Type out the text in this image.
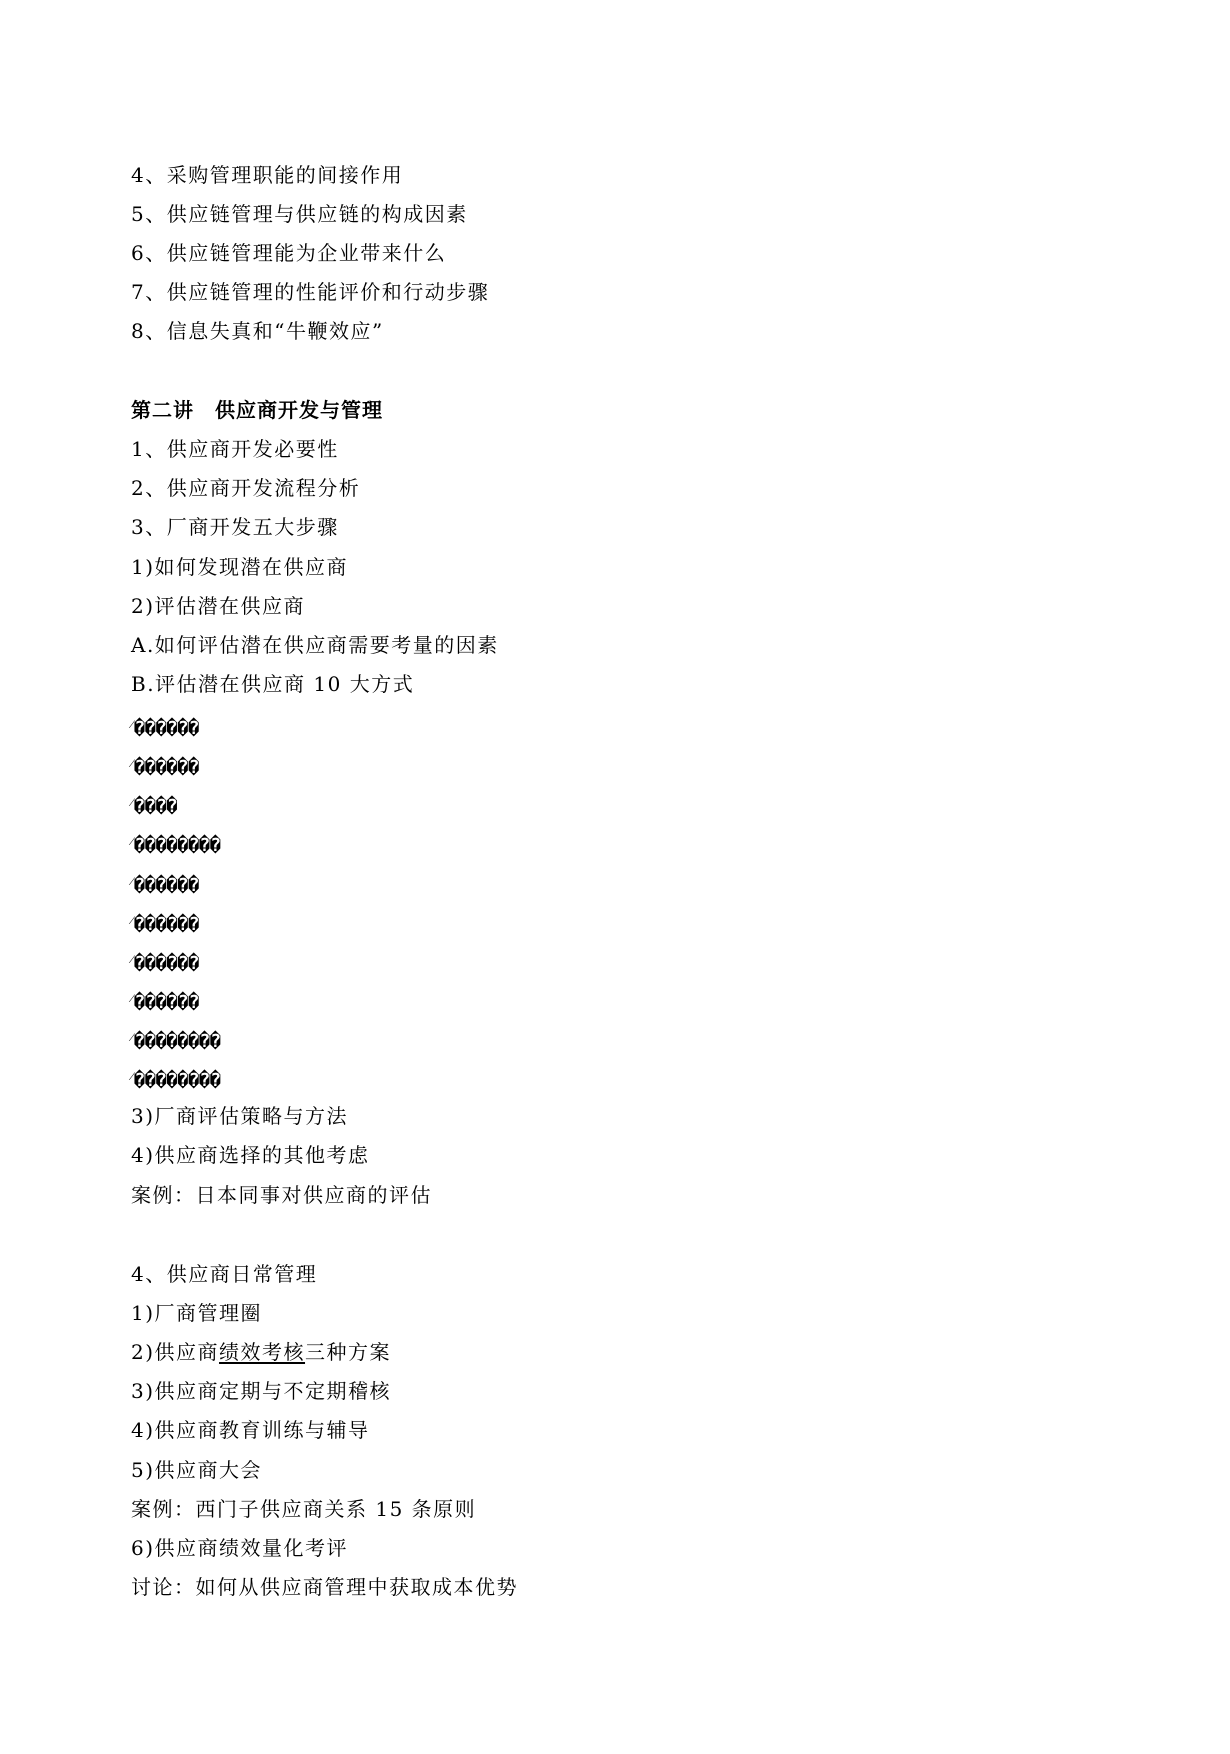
4、采购管理职能的间接作用
5、供应链管理与供应链的构成因素
6、供应链管理能为企业带来什么
7、供应链管理的性能评价和行动步骤
8、信息失真和“牛鞭效应”
第二讲　供应商开发与管理
1、供应商开发必要性
2、供应商开发流程分析
3、厂商开发五大步骤
1)如何发现潜在供应商
2)评估潜在供应商
A.如何评估潜在供应商需要考量的因素
B.评估潜在供应商 10 大方式
⁄������
⁄������
⁄����
⁄��������
⁄������
⁄������
⁄������
⁄������
⁄��������
⁄��������
3)厂商评估策略与方法
4)供应商选择的其他考虑
案例：日本同事对供应商的评估
4、供应商日常管理
1)厂商管理圈
2)供应商绩效考核三种方案
3)供应商定期与不定期稽核
4)供应商教育训练与辅导
5)供应商大会
案例：西门子供应商关系 15 条原则
6)供应商绩效量化考评
讨论：如何从供应商管理中获取成本优势
